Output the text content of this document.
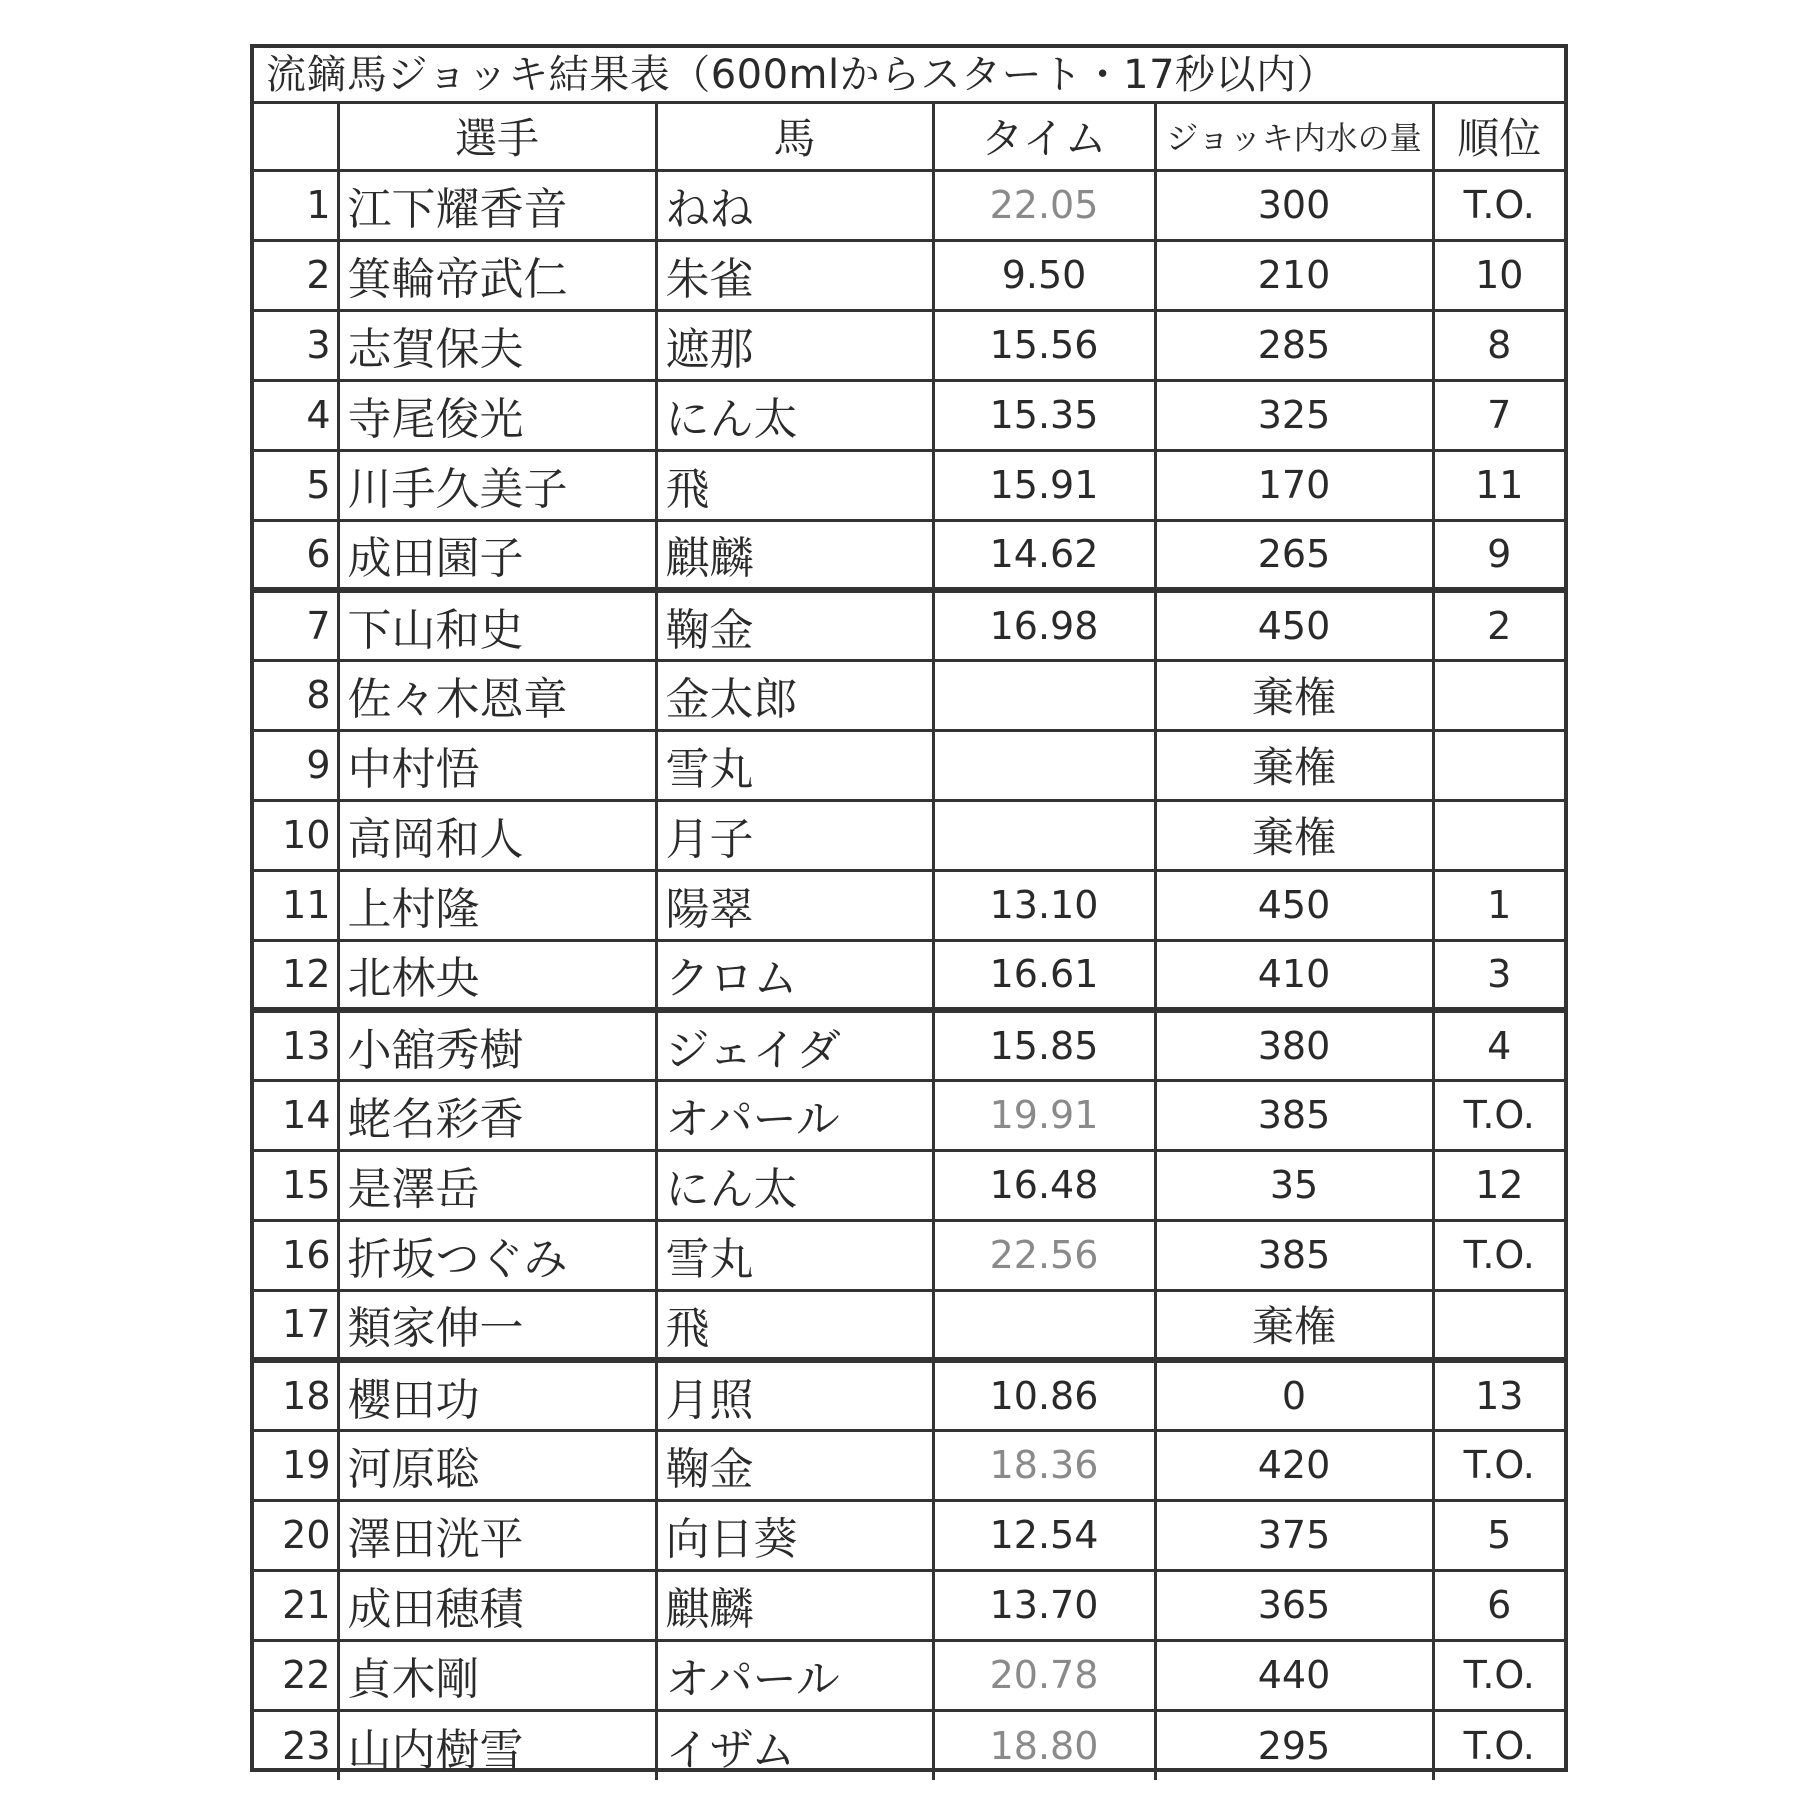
流鏑馬ジョッキ結果表（600mlからスタート・17秒以内）
	選手	馬	タイム	ジョッキ内水の量	順位
1	江下耀香音	ねね	22.05	300	T.O.
2	箕輪帝武仁	朱雀	9.50	210	10
3	志賀保夫	遮那	15.56	285	8
4	寺尾俊光	にん太	15.35	325	7
5	川手久美子	飛	15.91	170	11
6	成田園子	麒麟	14.62	265	9
7	下山和史	鞠金	16.98	450	2
8	佐々木恩章	金太郎		棄権	
9	中村悟	雪丸		棄権	
10	高岡和人	月子		棄権	
11	上村隆	陽翠	13.10	450	1
12	北林央	クロム	16.61	410	3
13	小舘秀樹	ジェイダ	15.85	380	4
14	蛯名彩香	オパール	19.91	385	T.O.
15	是澤岳	にん太	16.48	35	12
16	折坂つぐみ	雪丸	22.56	385	T.O.
17	類家伸一	飛		棄権	
18	櫻田功	月照	10.86	0	13
19	河原聡	鞠金	18.36	420	T.O.
20	澤田洸平	向日葵	12.54	375	5
21	成田穂積	麒麟	13.70	365	6
22	貞木剛	オパール	20.78	440	T.O.
23	山内樹雪	イザム	18.80	295	T.O.
